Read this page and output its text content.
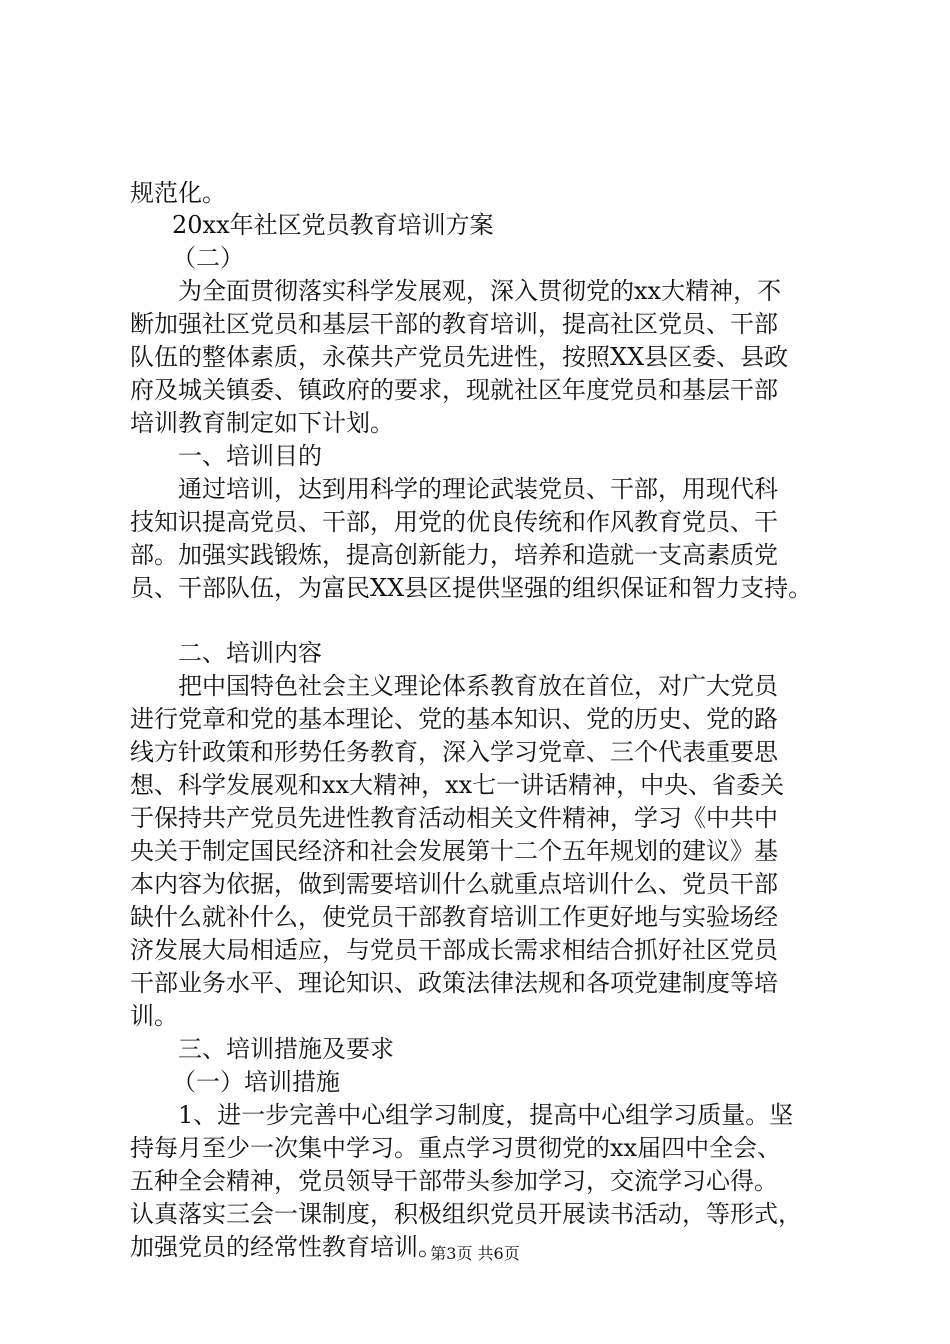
规范化。
20xx年社区党员教育培训方案
（二）
为全面贯彻落实科学发展观，深入贯彻党的xx大精神，不
断加强社区党员和基层干部的教育培训，提高社区党员、干部
队伍的整体素质，永葆共产党员先进性，按照XX县区委、县政
府及城关镇委、镇政府的要求，现就社区年度党员和基层干部
培训教育制定如下计划。
一、培训目的
通过培训，达到用科学的理论武装党员、干部，用现代科
技知识提高党员、干部，用党的优良传统和作风教育党员、干
部。加强实践锻炼，提高创新能力，培养和造就一支高素质党
员、干部队伍，为富民XX县区提供坚强的组织保证和智力支持。
二、培训内容
把中国特色社会主义理论体系教育放在首位，对广大党员
进行党章和党的基本理论、党的基本知识、党的历史、党的路
线方针政策和形势任务教育，深入学习党章、三个代表重要思
想、科学发展观和xx大精神，xx七一讲话精神，中央、省委关
于保持共产党员先进性教育活动相关文件精神，学习《中共中
央关于制定国民经济和社会发展第十二个五年规划的建议》基
本内容为依据，做到需要培训什么就重点培训什么、党员干部
缺什么就补什么，使党员干部教育培训工作更好地与实验场经
济发展大局相适应，与党员干部成长需求相结合抓好社区党员
干部业务水平、理论知识、政策法律法规和各项党建制度等培
训。
三、培训措施及要求
（一）培训措施
1、进一步完善中心组学习制度，提高中心组学习质量。坚
持每月至少一次集中学习。重点学习贯彻党的xx届四中全会、
五种全会精神，党员领导干部带头参加学习，交流学习心得。
认真落实三会一课制度，积极组织党员开展读书活动，等形式，
加强党员的经常性教育培训。
第3页 共6页
